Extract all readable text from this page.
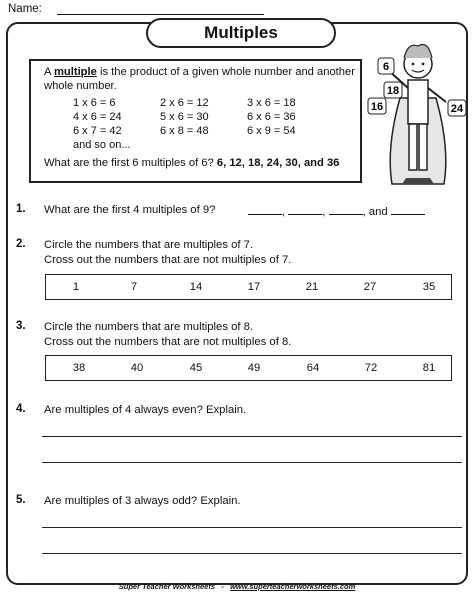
Name:
Multiples
A multiple is the product of a given whole number and another whole number.
1 x 6 = 6	2 x 6 = 12	3 x 6 = 18
4 x 6 = 24	5 x 6 = 30	6 x 6 = 36
6 x 7 = 42	6 x 8 = 48	6 x 9 = 54
and so on...
What are the first 6 multiples of 6? 6, 12, 18, 24, 30, and 36
6
18
16	24
1. What are the first 4 multiples of 9?	,	,	, and
2. Circle the numbers that are multiples of 7.
Cross out the numbers that are not multiples of 7.
1	7	14	17	21	27	35
3. Circle the numbers that are multiples of 8.
Cross out the numbers that are not multiples of 8.
38	40	45	49	64	72	81
4. Are multiples of 4 always even? Explain.
5. Are multiples of 3 always odd? Explain.
Super Teacher Worksheets - www.superteacherworksheets.com
